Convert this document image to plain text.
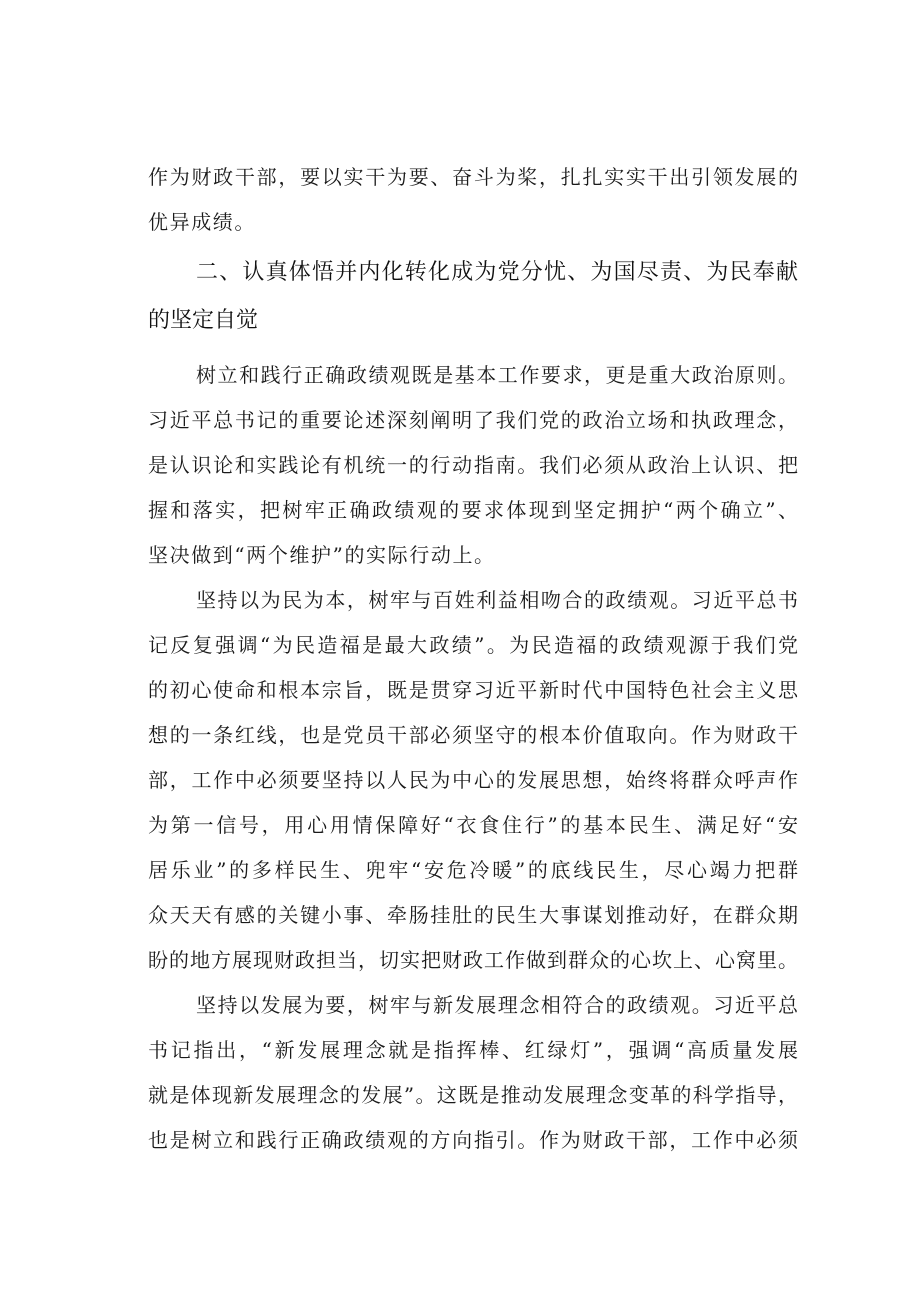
作为财政干部，要以实干为要、奋斗为桨，扎扎实实干出引领发展的
优异成绩。
二、认真体悟并内化转化成为党分忧、为国尽责、为民奉献
的坚定自觉
树立和践行正确政绩观既是基本工作要求，更是重大政治原则。
习近平总书记的重要论述深刻阐明了我们党的政治立场和执政理念，
是认识论和实践论有机统一的行动指南。我们必须从政治上认识、把
握和落实，把树牢正确政绩观的要求体现到坚定拥护“两个确立”、
坚决做到“两个维护”的实际行动上。
坚持以为民为本，树牢与百姓利益相吻合的政绩观。习近平总书
记反复强调“为民造福是最大政绩”。为民造福的政绩观源于我们党
的初心使命和根本宗旨，既是贯穿习近平新时代中国特色社会主义思
想的一条红线，也是党员干部必须坚守的根本价值取向。作为财政干
部，工作中必须要坚持以人民为中心的发展思想，始终将群众呼声作
为第一信号，用心用情保障好“衣食住行”的基本民生、满足好“安
居乐业”的多样民生、兜牢“安危冷暖”的底线民生，尽心竭力把群
众天天有感的关键小事、牵肠挂肚的民生大事谋划推动好，在群众期
盼的地方展现财政担当，切实把财政工作做到群众的心坎上、心窝里。
坚持以发展为要，树牢与新发展理念相符合的政绩观。习近平总
书记指出，“新发展理念就是指挥棒、红绿灯”，强调“高质量发展
就是体现新发展理念的发展”。这既是推动发展理念变革的科学指导，
也是树立和践行正确政绩观的方向指引。作为财政干部，工作中必须
